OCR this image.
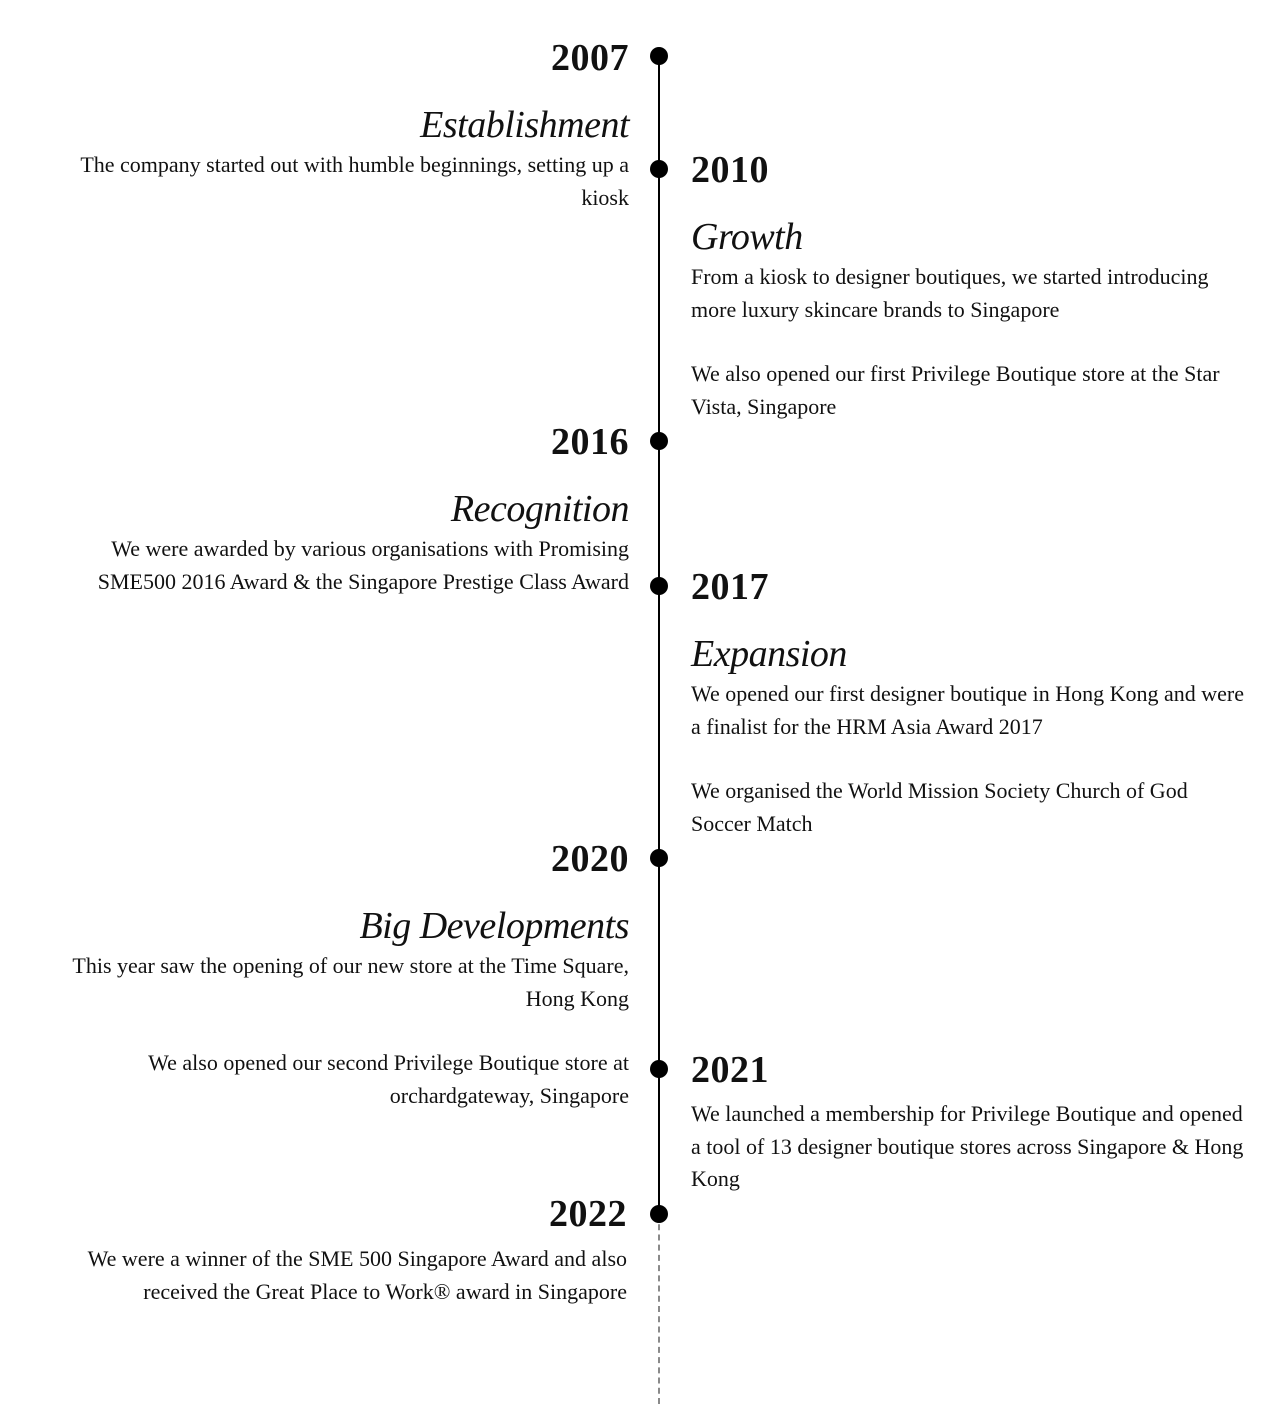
2007
Establishment
The company started out with humble beginnings, setting up a kiosk
2010
Growth
From a kiosk to designer boutiques, we started introducing more luxury skincare brands to Singapore
We also opened our first Privilege Boutique store at the Star Vista, Singapore
2016
Recognition
We were awarded by various organisations with Promising SME500 2016 Award & the Singapore Prestige Class Award 2017
Expansion
We opened our first designer boutique in Hong Kong and were a finalist for the HRM Asia Award 2017
We organised the World Mission Society Church of God Soccer Match
2020
Big Developments
This year saw the opening of our new store at the Time Square, Hong Kong
We also opened our second Privilege Boutique store at orchardgateway, Singapore
2021
We launched a membership for Privilege Boutique and opened a tool of 13 designer boutique stores across Singapore & Hong Kong
2022
We were a winner of the SME 500 Singapore Award and also received the Great Place to Work® award in Singapore
